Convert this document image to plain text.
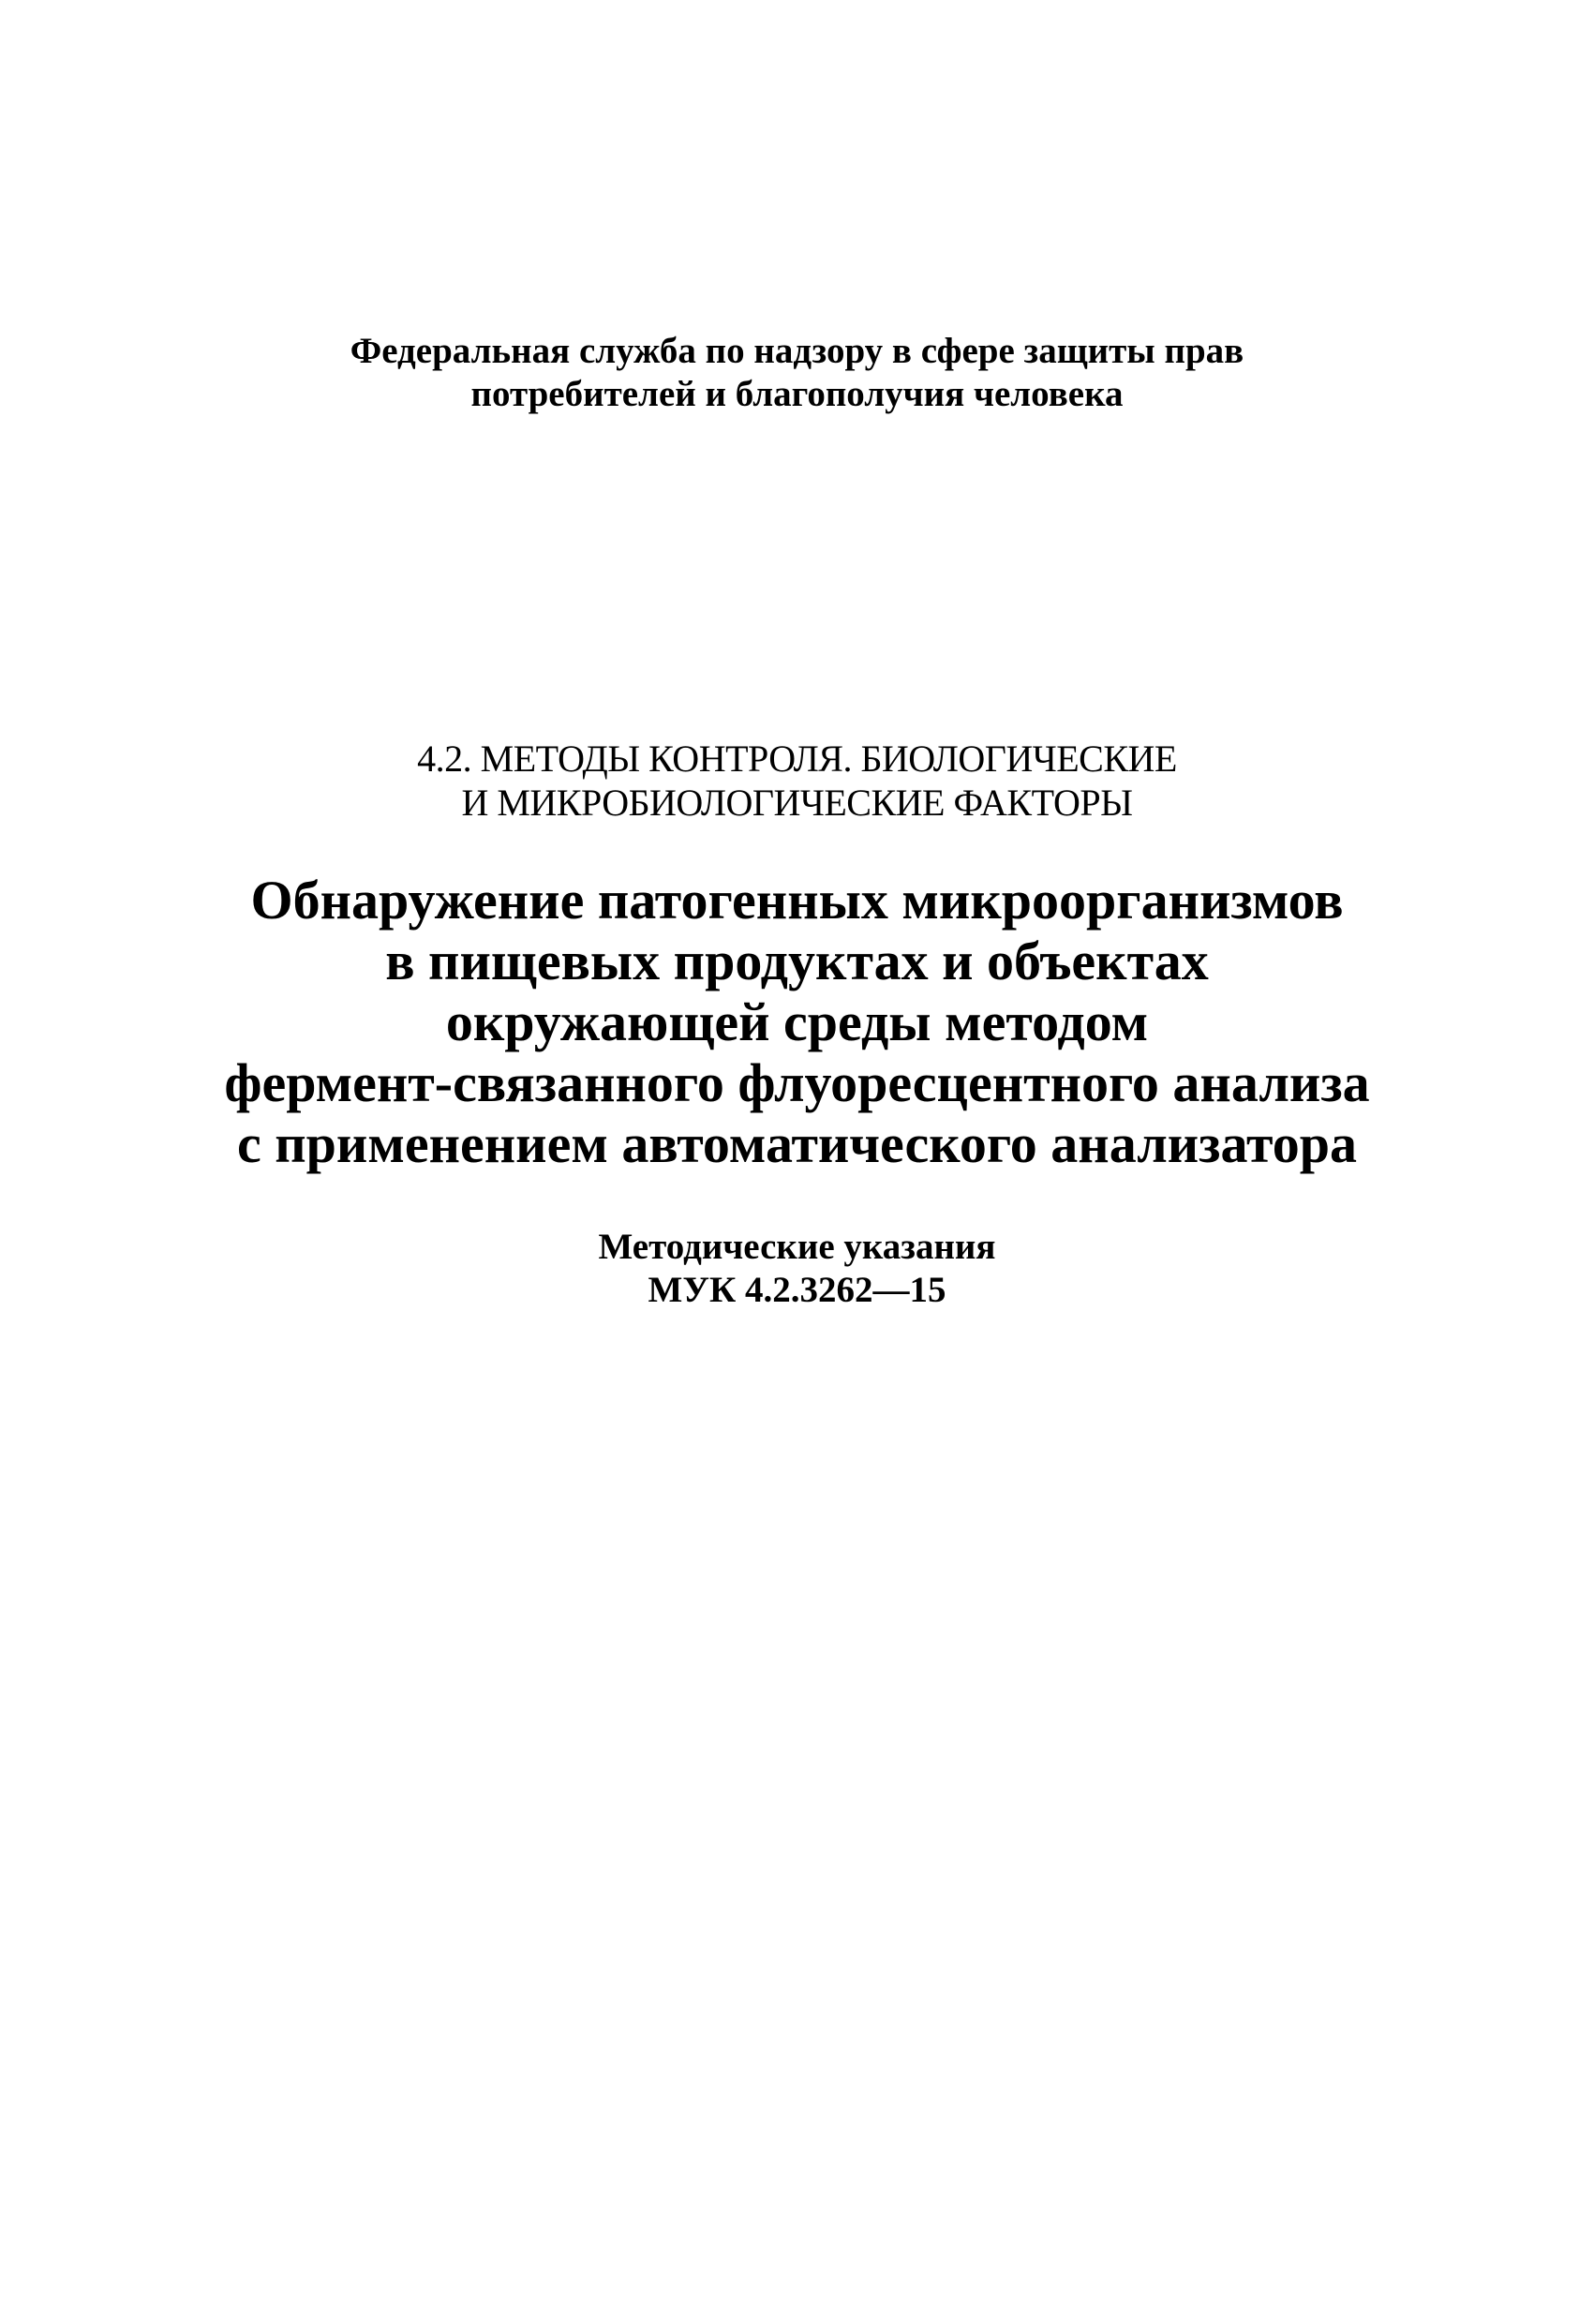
Федеральная служба по надзору в сфере защиты прав
потребителей и благополучия человека
4.2. МЕТОДЫ КОНТРОЛЯ. БИОЛОГИЧЕСКИЕ
И МИКРОБИОЛОГИЧЕСКИЕ ФАКТОРЫ
Обнаружение патогенных микроорганизмов
в пищевых продуктах и объектах
окружающей среды методом
фермент-связанного флуоресцентного анализа
с применением автоматического анализатора
Методические указания
МУК 4.2.3262—15
